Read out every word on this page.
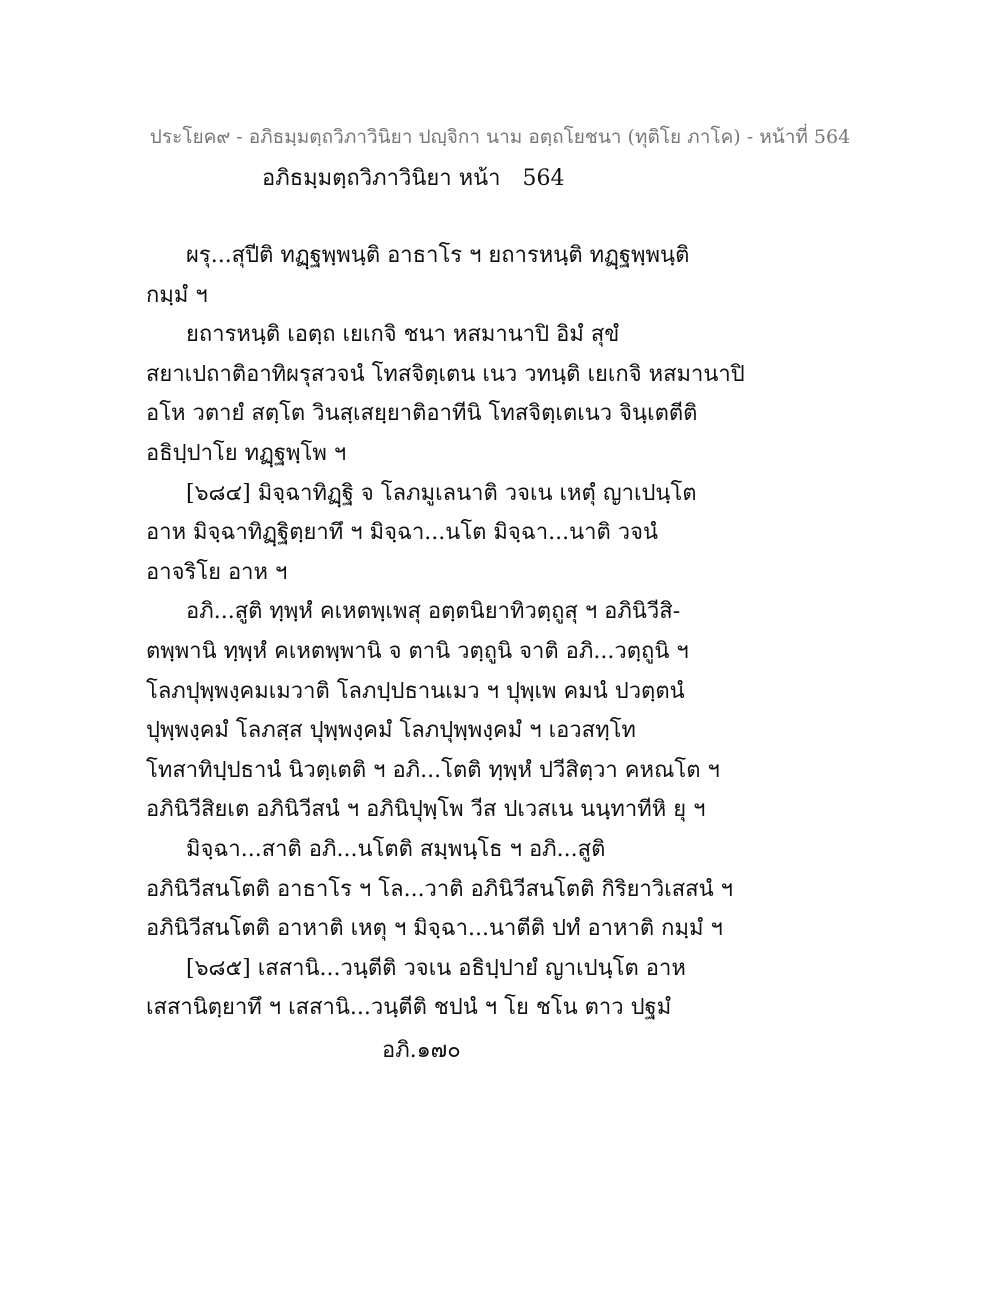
ประโยค๙ - อภิธมฺมตฺถวิภาวินิยา ปญฺจิกา นาม อตฺถโยชนา (ทุติโย ภาโค) - หน้าที่ 564
อภิธมฺมตฺถวิภาวินิยา หน้า 564
ผรุ...สุปีติ ทฏฺฐพฺพนฺติ อาธาโร ฯ ยถารหนฺติ ทฏฺฐพฺพนฺติ
กมฺมํ ฯ
ยถารหนฺติ เอตฺถ เยเกจิ ชนา หสมานาปิ อิมํ สุขํ
สยาเปถาติอาทิผรุสวจนํ โทสจิตฺเตน เนว วทนฺติ เยเกจิ หสมานาปิ
อโห วตายํ สตฺโต วินสฺเสยฺยาติอาทีนิ โทสจิตฺเตเนว จินฺเตตีติ
อธิปฺปาโย ทฏฺฐพฺโพ ฯ
[๖๘๔] มิจฺฉาทิฏฺฐิ จ โลภมูเลนาติ วจเน เหตุํ ญาเปนฺโต
อาห มิจฺฉาทิฏฺฐิตฺยาทึ ฯ มิจฺฉา...นโต มิจฺฉา...นาติ วจนํ
อาจริโย อาห ฯ
อภิ...สูติ ทฺพฺหํ คเหตพฺเพสุ อตฺตนิยาทิวตฺถูสุ ฯ อภินิวีสิ-
ตพฺพานิ ทฺพฺหํ คเหตพฺพานิ จ ตานิ วตฺถูนิ จาติ อภิ...วตฺถูนิ ฯ
โลภปุพฺพงฺคมเมวาติ โลภปฺปธานเมว ฯ ปุพฺเพ คมนํ ปวตฺตนํ
ปุพฺพงฺคมํ โลภสฺส ปุพฺพงฺคมํ โลภปุพฺพงฺคมํ ฯ เอวสทฺโท
โทสาทิปฺปธานํ นิวตฺเตติ ฯ อภิ...โตติ ทฺพฺหํ ปวีสิตฺวา คหณโต ฯ
อภินิวีสิยเต อภินิวีสนํ ฯ อภินิปุพฺโพ วีส ปเวสเน นนฺทาทีหิ ยุ ฯ
มิจฺฉา...สาติ อภิ...นโตติ สมฺพนฺโธ ฯ อภิ...สูติ
อภินิวีสนโตติ อาธาโร ฯ โล...วาติ อภินิวีสนโตติ กิริยาวิเสสนํ ฯ
อภินิวีสนโตติ อาหาติ เหตุ ฯ มิจฺฉา...นาตีติ ปทํ อาหาติ กมฺมํ ฯ
[๖๘๕] เสสานิ...วนฺตีติ วจเน อธิปฺปายํ ญาเปนฺโต อาห
เสสานิตฺยาทึ ฯ เสสานิ...วนฺตีติ ชปนํ ฯ โย ชโน ตาว ปฐมํ
อภิ.๑๗๐
